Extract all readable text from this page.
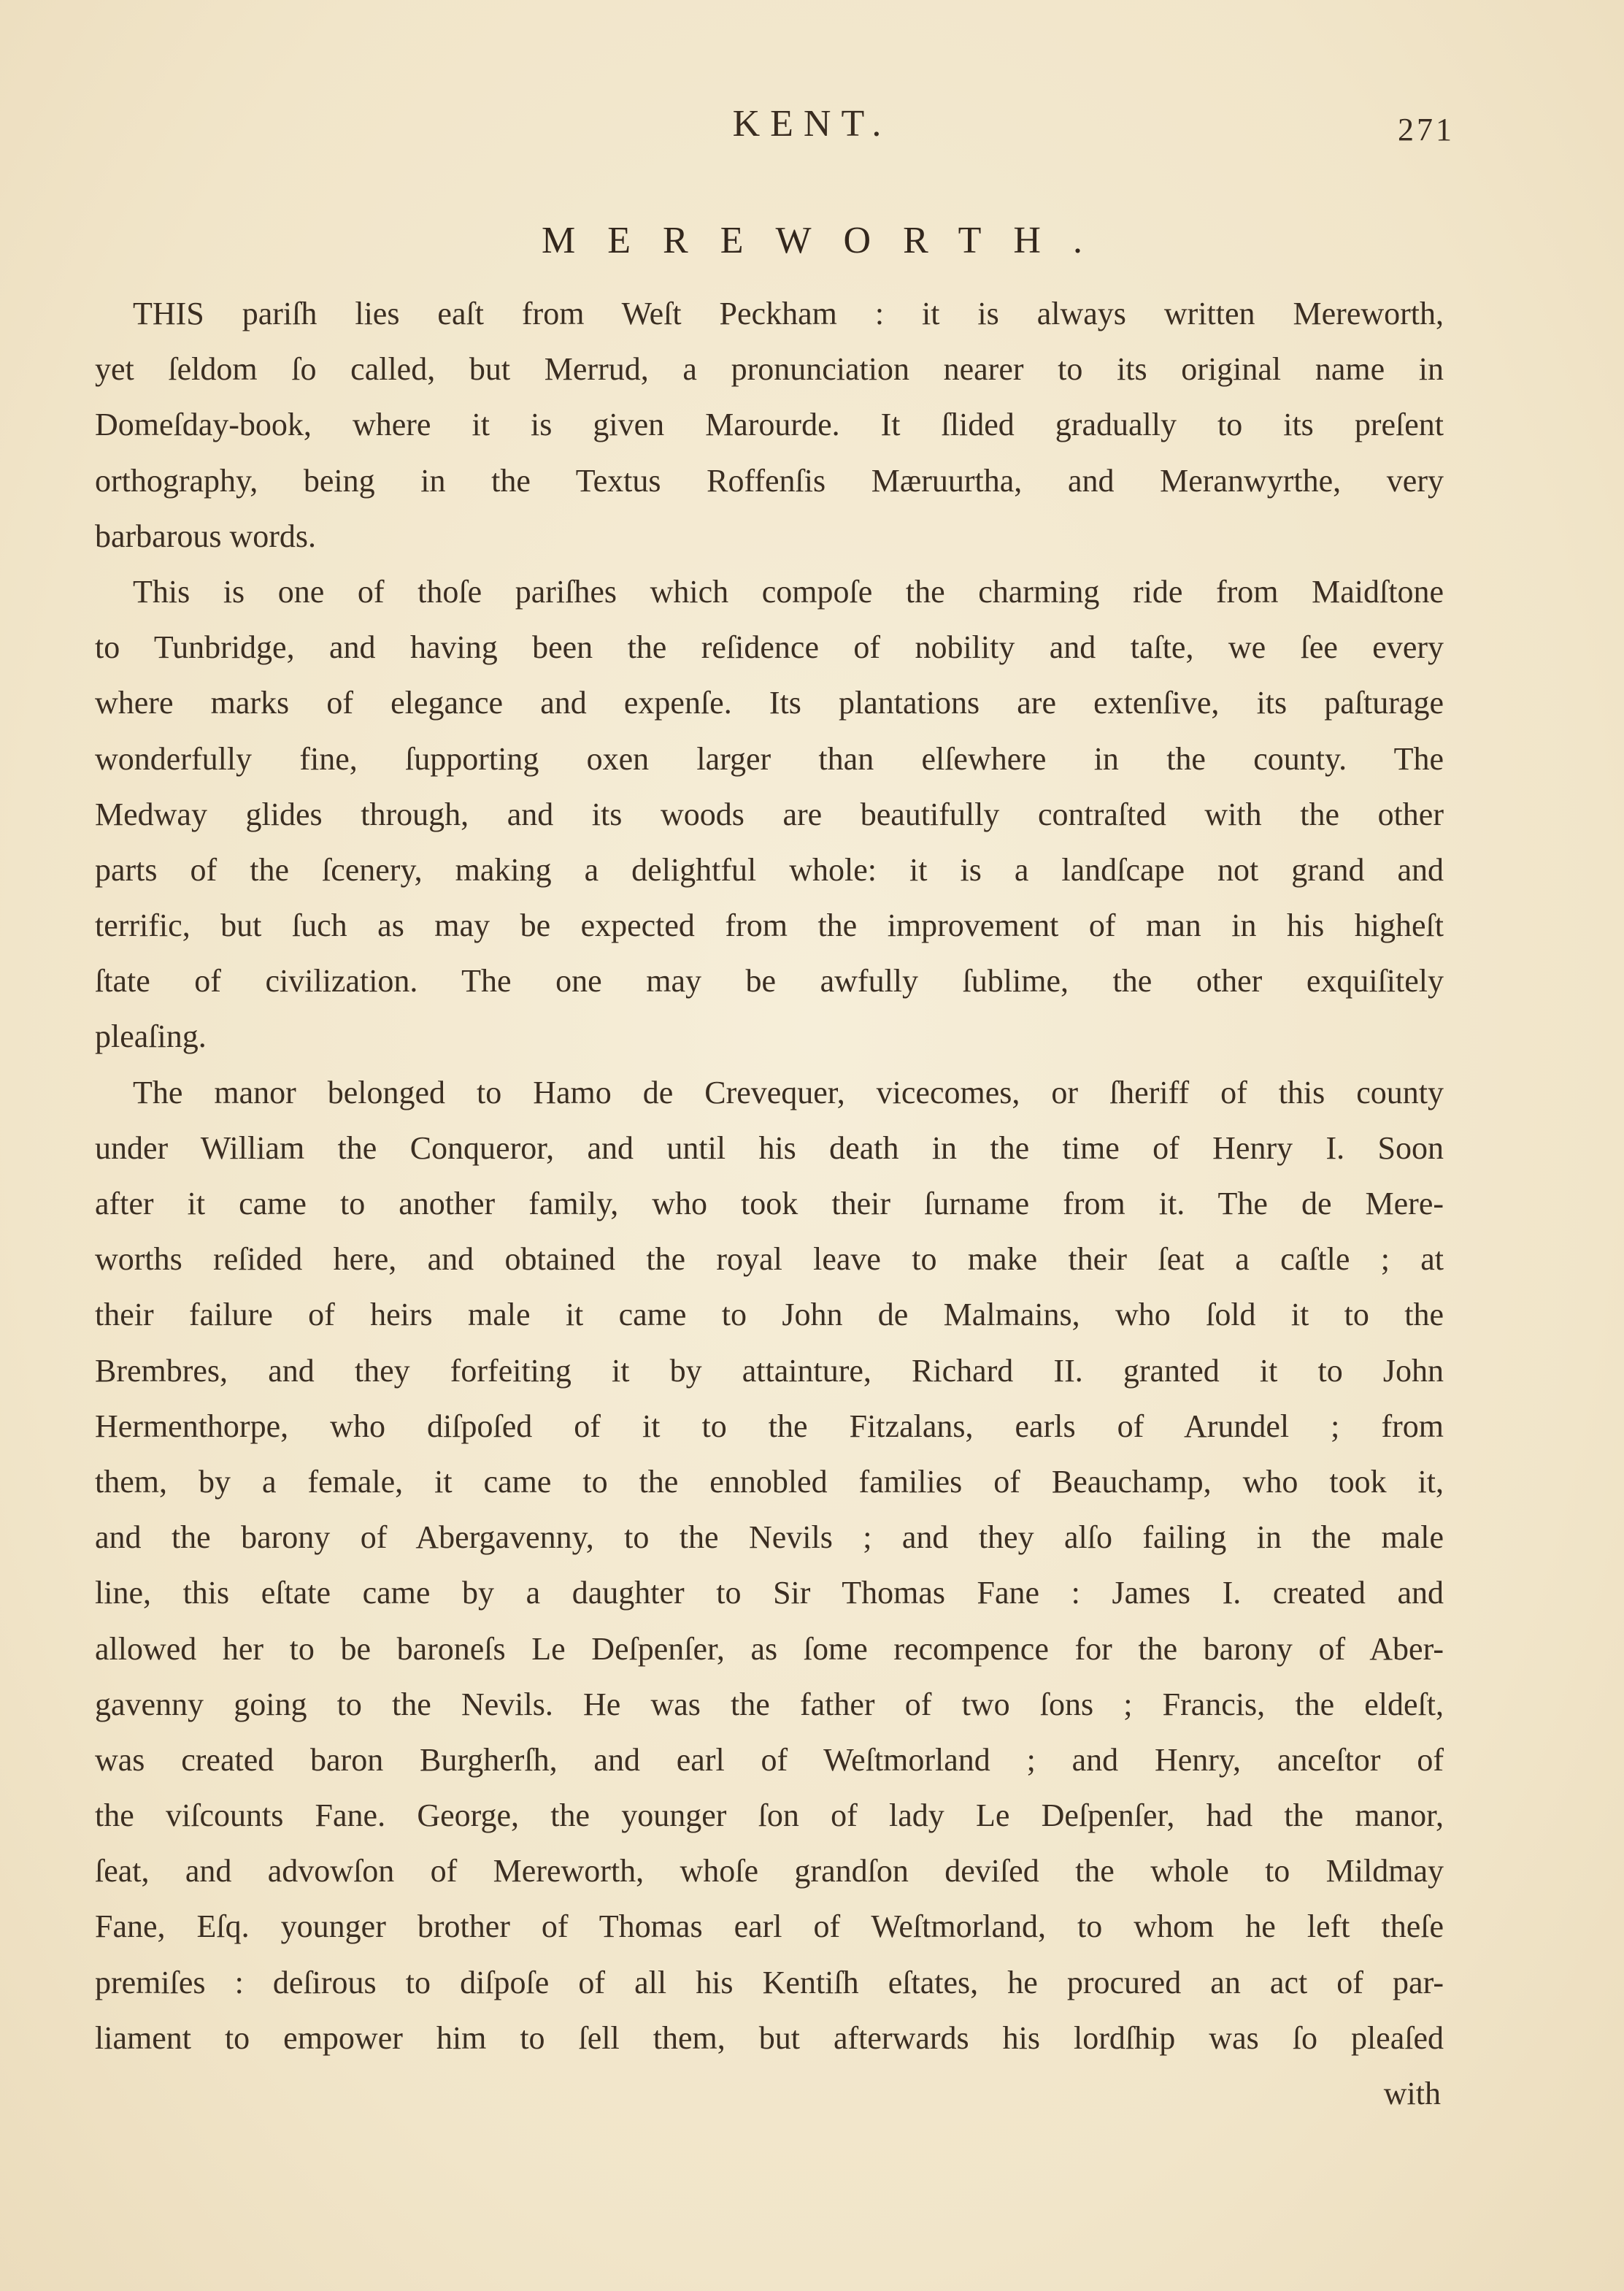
KENT.	271
MEREWORTH.
THIS pariſh lies eaſt from Weſt Peckham : it is always written Mereworth,
yet ſeldom ſo called, but Merrud, a pronunciation nearer to its original name in
Domeſday-book, where it is given Marourde. It ſlided gradually to its preſent
orthography, being in the Textus Roffenſis Mæruurtha, and Meranwyrthe, very
barbarous words.
This is one of thoſe pariſhes which compoſe the charming ride from Maidſtone
to Tunbridge, and having been the reſidence of nobility and taſte, we ſee every
where marks of elegance and expenſe. Its plantations are extenſive, its paſturage
wonderfully fine, ſupporting oxen larger than elſewhere in the county. The
Medway glides through, and its woods are beautifully contraſted with the other
parts of the ſcenery, making a delightful whole: it is a landſcape not grand and
terrific, but ſuch as may be expected from the improvement of man in his higheſt
ſtate of civilization. The one may be awfully ſublime, the other exquiſitely
pleaſing.
The manor belonged to Hamo de Crevequer, vicecomes, or ſheriff of this county
under William the Conqueror, and until his death in the time of Henry I. Soon
after it came to another family, who took their ſurname from it. The de Mere-
worths reſided here, and obtained the royal leave to make their ſeat a caſtle ; at
their failure of heirs male it came to John de Malmains, who ſold it to the
Brembres, and they forfeiting it by attainture, Richard II. granted it to John
Hermenthorpe, who diſpoſed of it to the Fitzalans, earls of Arundel ; from
them, by a female, it came to the ennobled families of Beauchamp, who took it,
and the barony of Abergavenny, to the Nevils ; and they alſo failing in the male
line, this eſtate came by a daughter to Sir Thomas Fane : James I. created and
allowed her to be baroneſs Le Deſpenſer, as ſome recompence for the barony of Aber-
gavenny going to the Nevils. He was the father of two ſons ; Francis, the eldeſt,
was created baron Burgherſh, and earl of Weſtmorland ; and Henry, anceſtor of
the viſcounts Fane. George, the younger ſon of lady Le Deſpenſer, had the manor,
ſeat, and advowſon of Mereworth, whoſe grandſon deviſed the whole to Mildmay
Fane, Eſq. younger brother of Thomas earl of Weſtmorland, to whom he left theſe
premiſes : deſirous to diſpoſe of all his Kentiſh eſtates, he procured an act of par-
liament to empower him to ſell them, but afterwards his lordſhip was ſo pleaſed
with
